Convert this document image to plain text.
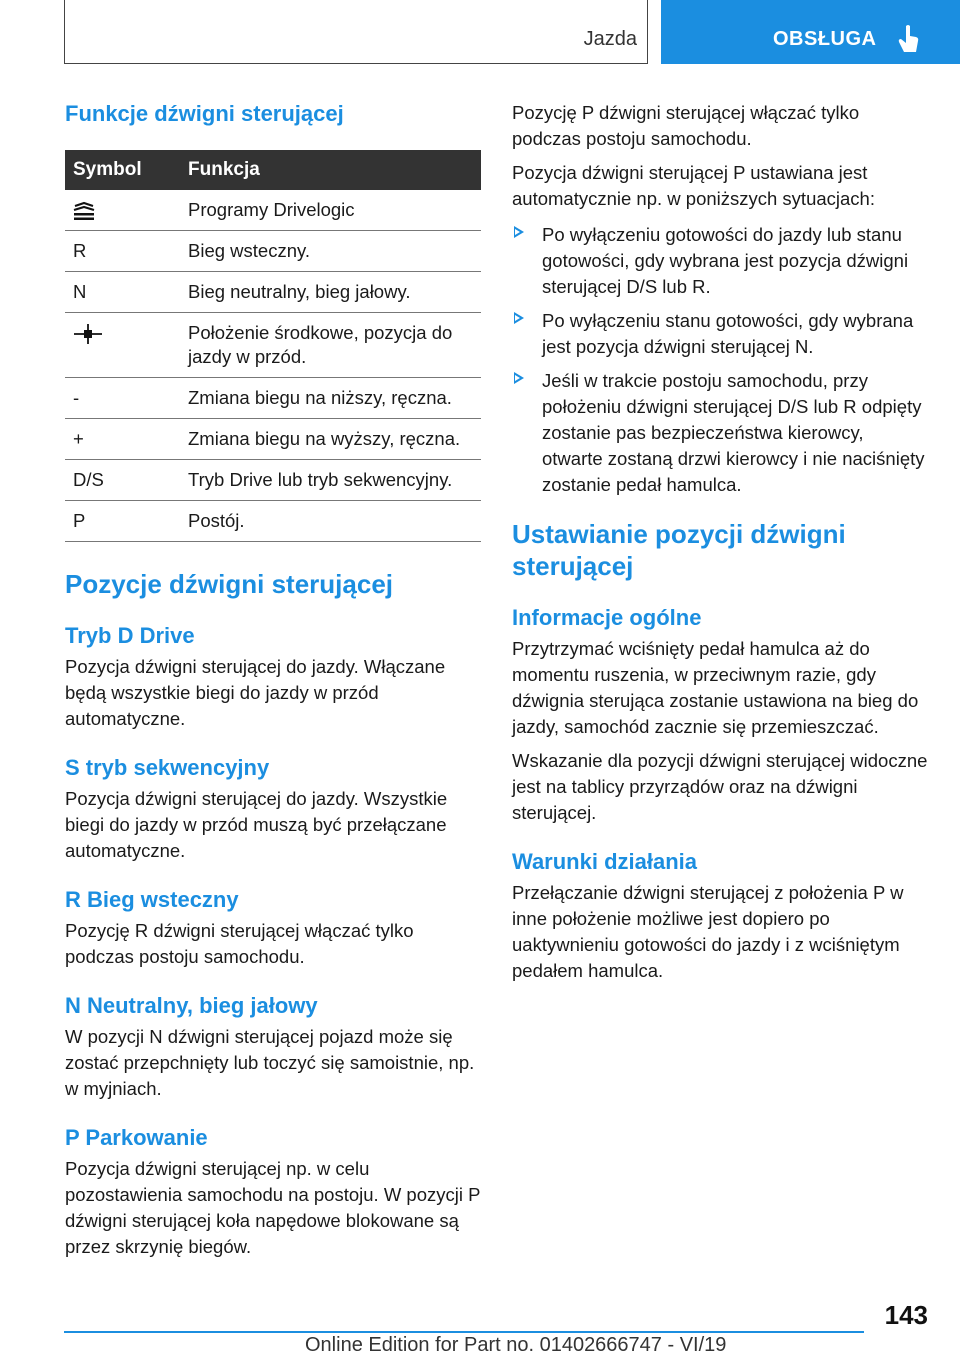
Jazda	OBSŁUGA
Funkcje dźwigni sterującej
Symbol	Funkcja
	Programy Drivelogic
R	Bieg wsteczny.
N	Bieg neutralny, bieg jałowy.
	Położenie środkowe, pozycja do jazdy w przód.
-	Zmiana biegu na niższy, ręczna.
+	Zmiana biegu na wyższy, ręczna.
D/S	Tryb Drive lub tryb sekwencyjny.
P	Postój.
Pozycje dźwigni sterującej
Tryb D Drive

Pozycja dźwigni sterującej do jazdy. Włączane będą wszystkie biegi do jazdy w przód automatyczne.

S tryb sekwencyjny

Pozycja dźwigni sterującej do jazdy. Wszystkie biegi do jazdy w przód muszą być przełączane automatyczne.

R Bieg wsteczny

Pozycję R dźwigni sterującej włączać tylko podczas postoju samochodu.

N Neutralny, bieg jałowy

W pozycji N dźwigni sterującej pojazd może się zostać przepchnięty lub toczyć się samoistnie, np. w myjniach.

P Parkowanie

Pozycja dźwigni sterującej np. w celu pozostawienia samochodu na postoju. W pozycji P dźwigni sterującej koła napędowe blokowane są przez skrzynię biegów.

Pozycję P dźwigni sterującej włączać tylko podczas postoju samochodu.

Pozycja dźwigni sterującej P ustawiana jest automatycznie np. w poniższych sytuacjach:

Po wyłączeniu gotowości do jazdy lub stanu gotowości, gdy wybrana jest pozycja dźwigni sterującej D/S lub R.
Po wyłączeniu stanu gotowości, gdy wybrana jest pozycja dźwigni sterującej N.
Jeśli w trakcie postoju samochodu, przy położeniu dźwigni sterującej D/S lub R odpięty zostanie pas bezpieczeństwa kierowcy, otwarte zostaną drzwi kierowcy i nie naciśnięty zostanie pedał hamulca.
Ustawianie pozycji dźwigni sterującej
Informacje ogólne

Przytrzymać wciśnięty pedał hamulca aż do momentu ruszenia, w przeciwnym razie, gdy dźwignia sterująca zostanie ustawiona na bieg do jazdy, samochód zacznie się przemieszczać.

Wskazanie dla pozycji dźwigni sterującej widoczne jest na tablicy przyrządów oraz na dźwigni sterującej.

Warunki działania

Przełączanie dźwigni sterującej z położenia P w inne położenie możliwe jest dopiero po uaktywnieniu gotowości do jazdy i z wciśniętym pedałem hamulca.

143
Online Edition for Part no. 01402666747 - VI/19
